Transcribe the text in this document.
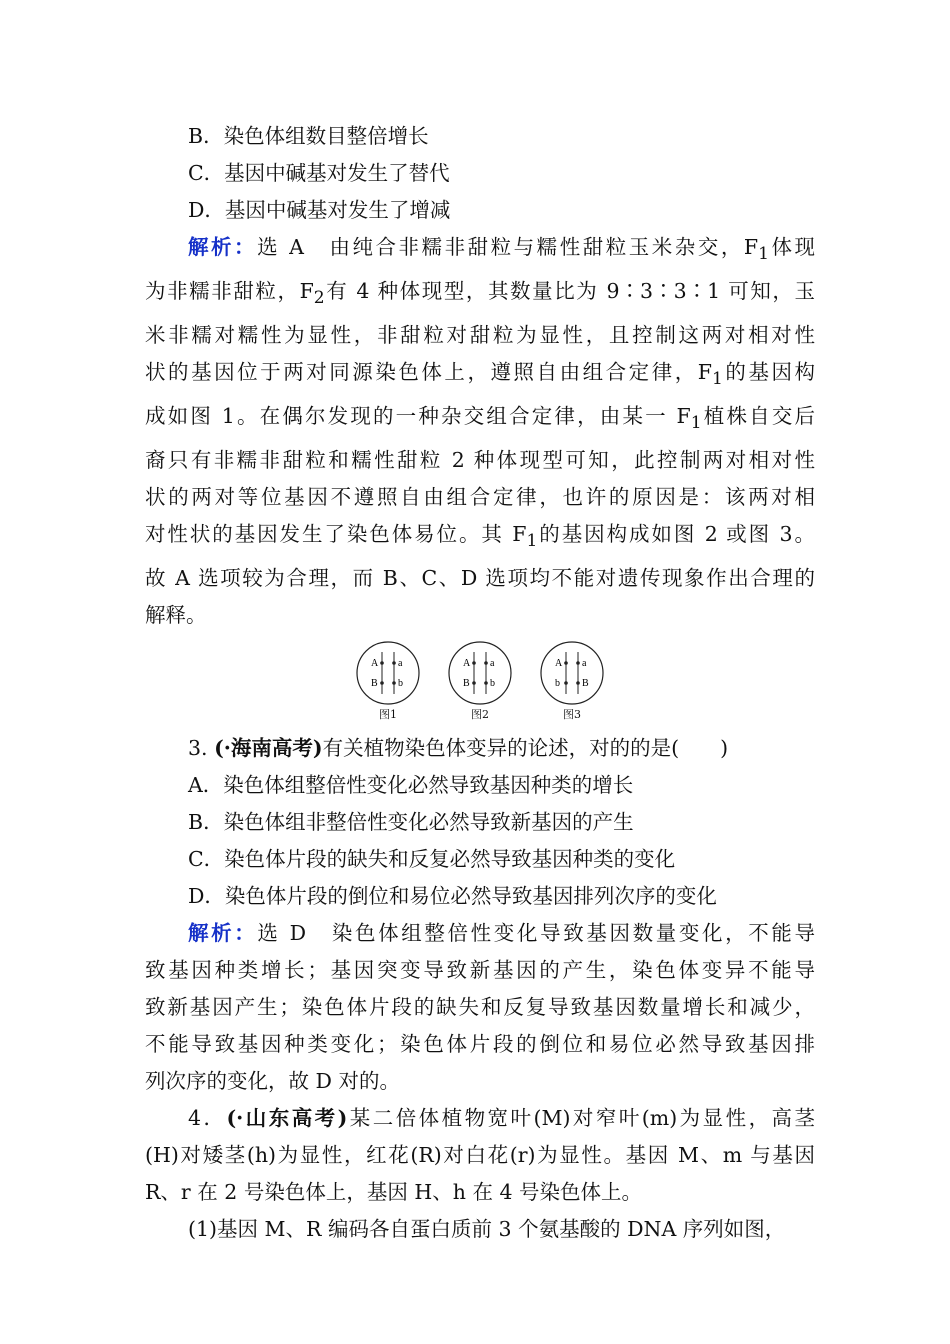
B．染色体组数目整倍增长
C．基因中碱基对发生了替代
D．基因中碱基对发生了增减
解析：选 A　由纯合非糯非甜粒与糯性甜粒玉米杂交，$F_1$体现
为非糯非甜粒，$F_2$有 4 种体现型，其数量比为 9∶3∶3∶1 可知，玉
米非糯对糯性为显性，非甜粒对甜粒为显性，且控制这两对相对性
状的基因位于两对同源染色体上，遵照自由组合定律，$F_1$的基因构
成如图 1。在偶尔发现的一种杂交组合定律，由某一 $F_1$植株自交后
裔只有非糯非甜粒和糯性甜粒 2 种体现型可知，此控制两对相对性
状的两对等位基因不遵照自由组合定律，也许的原因是：该两对相
对性状的基因发生了染色体易位。其 $F_1$的基因构成如图 2 或图 3。
故 A 选项较为合理，而 B、C、D 选项均不能对遗传现象作出合理的
解释。
A a
B b
图1
A a
B b
图2
A a
b B
图3
3. (·海南高考)有关植物染色体变异的论述，对的的是(　　)
A．染色体组整倍性变化必然导致基因种类的增长
B．染色体组非整倍性变化必然导致新基因的产生
C．染色体片段的缺失和反复必然导致基因种类的变化
D．染色体片段的倒位和易位必然导致基因排列次序的变化
解析：选 D　染色体组整倍性变化导致基因数量变化，不能导
致基因种类增长；基因突变导致新基因的产生，染色体变异不能导
致新基因产生；染色体片段的缺失和反复导致基因数量增长和减少，
不能导致基因种类变化；染色体片段的倒位和易位必然导致基因排
列次序的变化，故 D 对的。
4．(·山东高考)某二倍体植物宽叶(M)对窄叶(m)为显性，高茎
(H)对矮茎(h)为显性，红花(R)对白花(r)为显性。基因 M、m 与基因
R、r 在 2 号染色体上，基因 H、h 在 4 号染色体上。
(1)基因 M、R 编码各自蛋白质前 3 个氨基酸的 DNA 序列如图，
